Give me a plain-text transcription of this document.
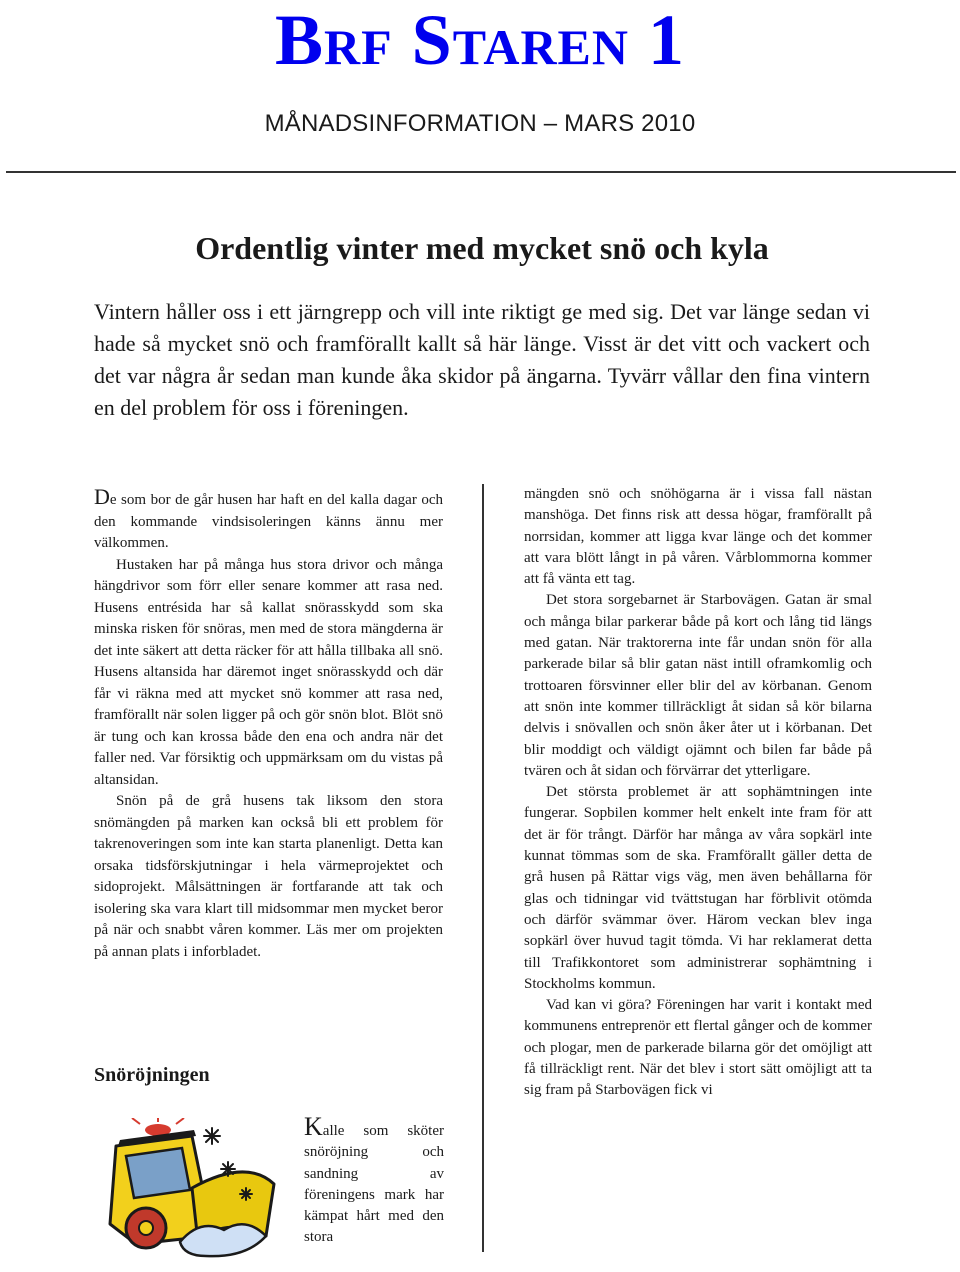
Brf Staren 1
MÅNADSINFORMATION – MARS 2010
Ordentlig vinter med mycket snö och kyla
Vintern håller oss i ett järngrepp och vill inte riktigt ge med sig. Det var länge sedan vi hade så mycket snö och framförallt kallt så här länge. Visst är det vitt och vackert och det var några år sedan man kunde åka skidor på ängarna. Tyvärr vållar den fina vintern en del problem för oss i föreningen.

De som bor de går husen har haft en del kalla dagar och den kommande vindsisoleringen känns ännu mer välkommen.

Hustaken har på många hus stora drivor och många hängdrivor som förr eller senare kommer att rasa ned. Husens entrésida har så kallat snörasskydd som ska minska risken för snöras, men med de stora mängderna är det inte säkert att detta räcker för att hålla tillbaka all snö. Husens altansida har däremot inget snörasskydd och där får vi räkna med att mycket snö kommer att rasa ned, framförallt när solen ligger på och gör snön blot. Blöt snö är tung och kan krossa både den ena och andra när det faller ned. Var försiktig och uppmärksam om du vistas på altansidan.

Snön på de grå husens tak liksom den stora snömängden på marken kan också bli ett problem för takrenoveringen som inte kan starta planenligt. Detta kan orsaka tidsförskjutningar i hela värmeprojektet och sidoprojekt. Målsättningen är fortfarande att tak och isolering ska vara klart till midsommar men mycket beror på när och snabbt våren kommer. Läs mer om projekten på annan plats i inforbladet.

Snöröjningen

Kalle som sköter snöröjning och sandning av föreningens mark har kämpat hårt med den stora

mängden snö och snöhögarna är i vissa fall nästan manshöga. Det finns risk att dessa högar, framförallt på norrsidan, kommer att ligga kvar länge och det kommer att vara blött långt in på våren. Vårblommorna kommer att få vänta ett tag.

Det stora sorgebarnet är Starbovägen. Gatan är smal och många bilar parkerar både på kort och lång tid längs med gatan. När traktorerna inte får undan snön för alla parkerade bilar så blir gatan näst intill oframkomlig och trottoaren försvinner eller blir del av körbanan. Genom att snön inte kommer tillräckligt åt sidan så kör bilarna delvis i snövallen och snön åker åter ut i körbanan. Det blir moddigt och väldigt ojämnt och bilen far både på tvären och åt sidan och förvärrar det ytterligare.

Det största problemet är att sophämtningen inte fungerar. Sopbilen kommer helt enkelt inte fram för att det är för trångt. Därför har många av våra sopkärl inte kunnat tömmas som de ska. Framförallt gäller detta de grå husen på Rättar vigs väg, men även behållarna för glas och tidningar vid tvättstugan har förblivit otömda och därför svämmar över. Härom veckan blev inga sopkärl över huvud tagit tömda. Vi har reklamerat detta till Trafikkontoret som administrerar sophämtning i Stockholms kommun.

Vad kan vi göra? Föreningen har varit i kontakt med kommunens entreprenör ett flertal gånger och de kommer och plogar, men de parkerade bilarna gör det omöjligt att få tillräckligt rent. När det blev i stort sätt omöjligt att ta sig fram på Starbovägen fick vi
